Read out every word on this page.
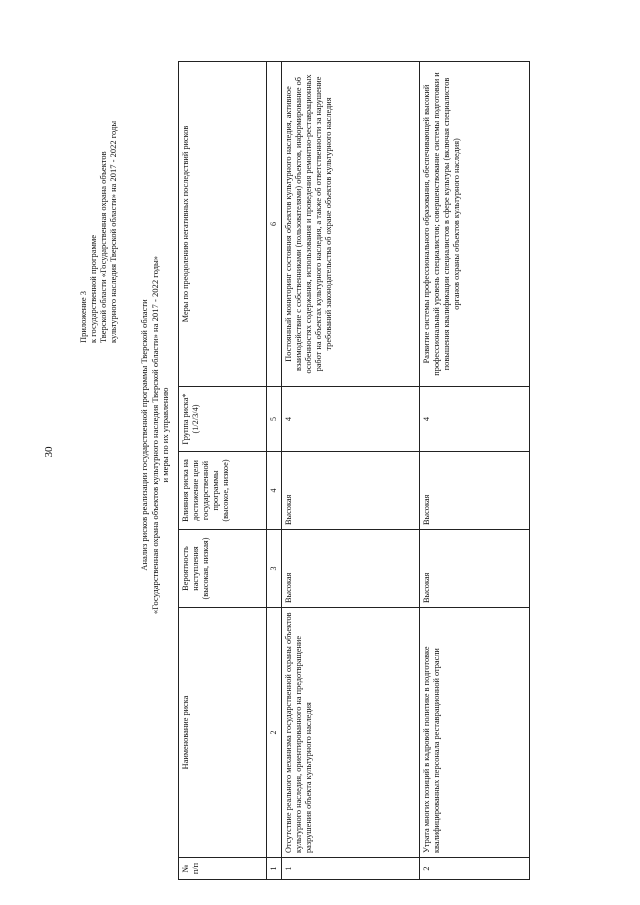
30
Приложение 3 к государственной программе Тверской области «Государственная охрана объектов культурного наследия Тверской области» на 2017 - 2022 годы
Анализ рисков реализации государственной программы Тверской области «Государственная охрана объектов культурного наследия Тверской области» на 2017 - 2022 годы» и меры по их управлению
№ п/п	Наименование риска	Вероятность наступления (высокая, низкая)	Влияния риска на достижение цели государственной программы (высокое, низкое)	Группа риска* (1/2/3/4)	Меры по преодолению негативных последствий рисков
1	2	3	4	5	6
1	Отсутствие реального механизма государственной охраны объектов культурного наследия, ориентированного на предотвращение разрушения объекта культурного наследия	Высокая	Высокая	4	Постоянный мониторинг состояния объектов культурного наследия, активное взаимодействие с собственниками (пользователями) объектов, информирование об особенностях содержания, использования и проведения ремонтно-реставрационных работ на объектах культурного наследия, а также об ответственности за нарушение требований законодательства об охране объектов культурного наследия
2	Утрата многих позиций в кадровой политике в подготовке квалифицированных персонала реставрационной отрасли	Высокая	Высокая	4	Развитие системы профессионального образования, обеспечивающей высокий профессиональный уровень специалистов; совершенствование системы подготовки и повышения квалификации специалистов в сфере культуры (включая специалистов органов охраны объектов культурного наследия)
